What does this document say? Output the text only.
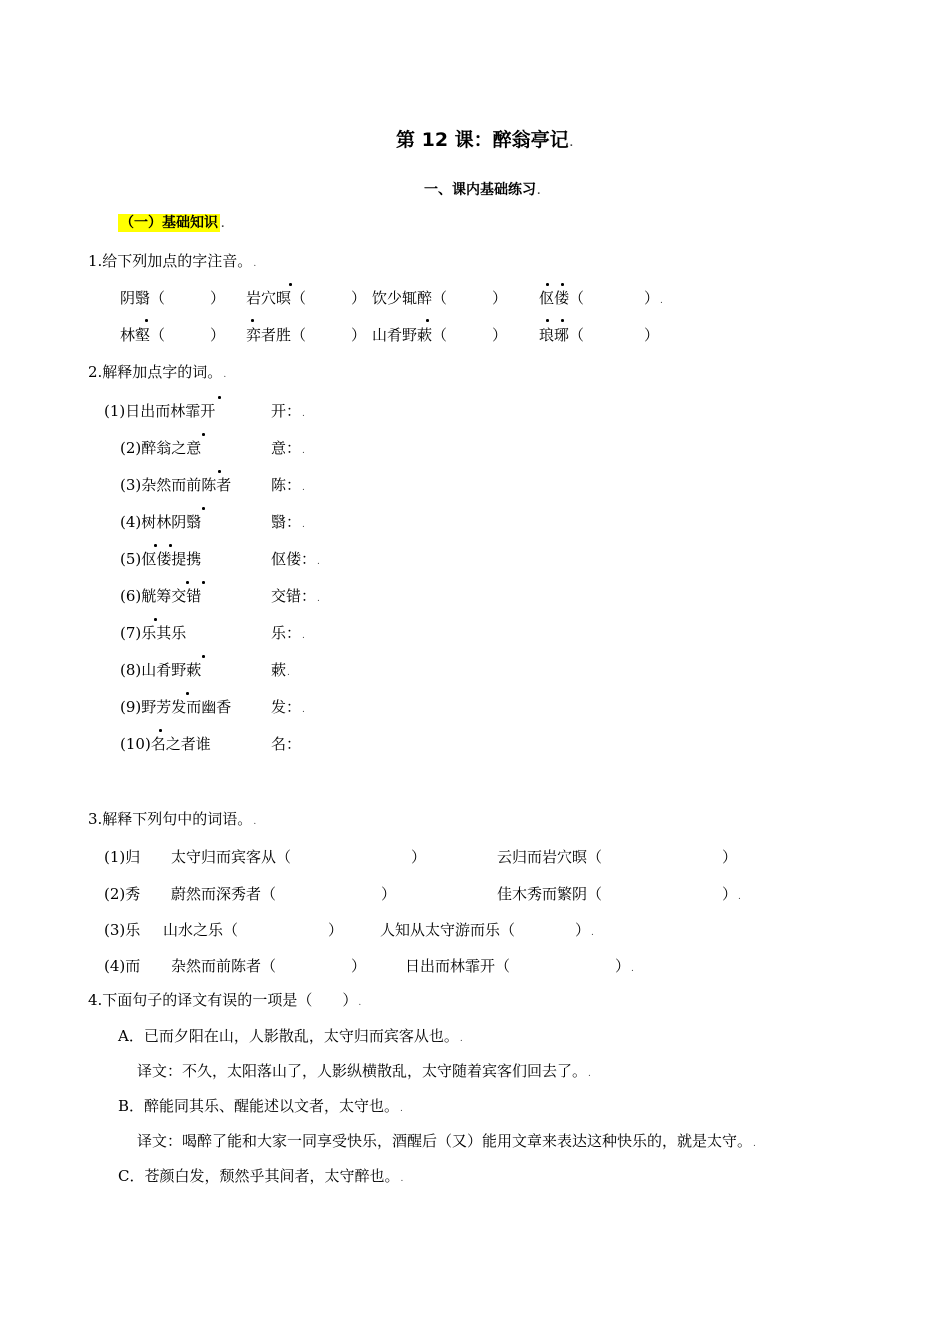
第 12 课：醉翁亭记.
一、课内基础练习.
（一）基础知识 .
1.给下列加点的字注音。.
阴翳（　　　） 岩穴暝（　　　） 饮少辄醉（　　　） 伛偻（　　　　）.
林壑（　　　） 弈者胜（　　　） 山肴野蔌（　　　） 琅琊（　　　　）
2.解释加点字的词。.
(1)日出而林霏开	开：.
(2)醉翁之意	意：.
(3)杂然而前陈者	陈：.
(4)树林阴翳	翳：.
(5)伛偻提携	伛偻：.
(6)觥筹交错	交错：.
(7)乐其乐	乐：.
(8)山肴野蔌	蔌.
(9)野芳发而幽香	发：.
(10)名之者谁	名：
3.解释下列句中的词语。.
(1)归 太守归而宾客从（　　　　　　　　）	云归而岩穴暝（　　　　　　　　）
(2)秀 蔚然而深秀者（　　　　　　　）	佳木秀而繁阴（　　　　　　　　）.
(3)乐 山水之乐（　　　　　　） 人知从太守游而乐（　　　　）.
(4)而 杂然而前陈者（　　　　　）	日出而林霏开（　　　　　　　）.
4.下面句子的译文有误的一项是（　　）.
A．已而夕阳在山，人影散乱，太守归而宾客从也。.
译文：不久，太阳落山了，人影纵横散乱，太守随着宾客们回去了。.
B．醉能同其乐、醒能述以文者，太守也。.
译文：喝醉了能和大家一同享受快乐，酒醒后（又）能用文章来表达这种快乐的，就是太守。.
C．苍颜白发，颓然乎其间者，太守醉也。.
